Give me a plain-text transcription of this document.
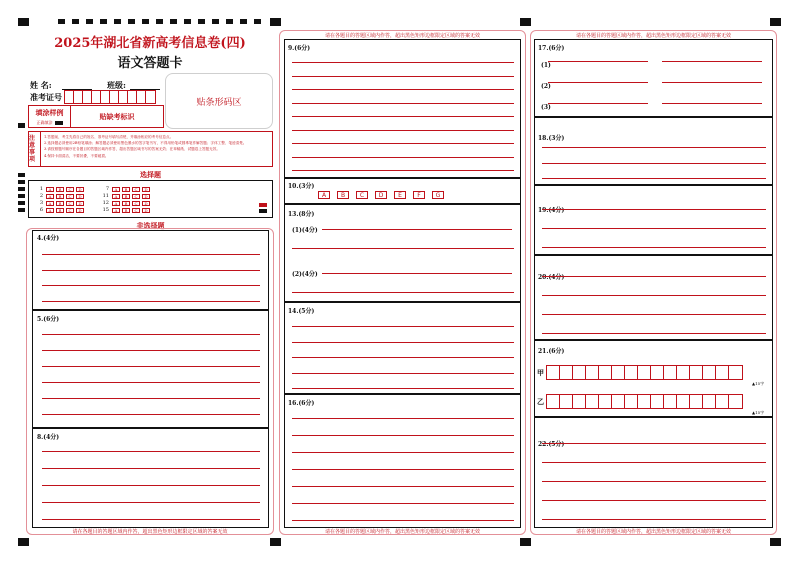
2025年湖北省新高考信息卷(四)
语文答题卡
姓 名:	班级:
准考证号
贴条形码区
填涂样例
正确填涂
贴缺考标识
注意事项
1.答题前，考生先将自己的姓名、准考证号填写清楚，并填涂相应的考号信息点。
2.选择题必须使用2B铅笔填涂；解答题必须使用黑色墨水的签字笔书写，不得用铅笔或圆珠笔作解答题；字体工整、笔迹清楚。
3.请按照题号顺序在各题目的答题区域内作答，超出答题区域书写的答案无效；在草稿纸、试题卷上答题无效。
4.保持卡面清洁，不要折叠，不要破损。
选择题
1	A	B	C	D
2	A	B	C	D
3	A	B	C	D
6	A	B	C	D
7	A	B	C	D
11	A	B	C	D
12	A	B	C	D
15	A	B	C	D
非选择题
4.(4分)
5.(6分)
8.(4分)
请在各题目的答题区域内作答，超出黑色矩形边框限定区域的答案无效
请在各题目的答题区域内作答，超出黑色矩形边框限定区域的答案无效
9.(6分)
10.(3分)
13.(8分)
(1)(4分)
(2)(4分)
14.(5分)
16.(6分)
请在各题目的答题区域内作答，超出黑色矩形边框限定区域的答案无效
请在各题目的答题区域内作答，超出黑色矩形边框限定区域的答案无效
17.(6分)
(1)
(2)
(3)
18.(3分)
19.(4分)
20.(4分)
21.(6分)
22.(5分)
请在各题目的答题区域内作答，超出黑色矩形边框限定区域的答案无效
A	B	C	D	E	F	G
甲
▲15字
乙
▲15字
